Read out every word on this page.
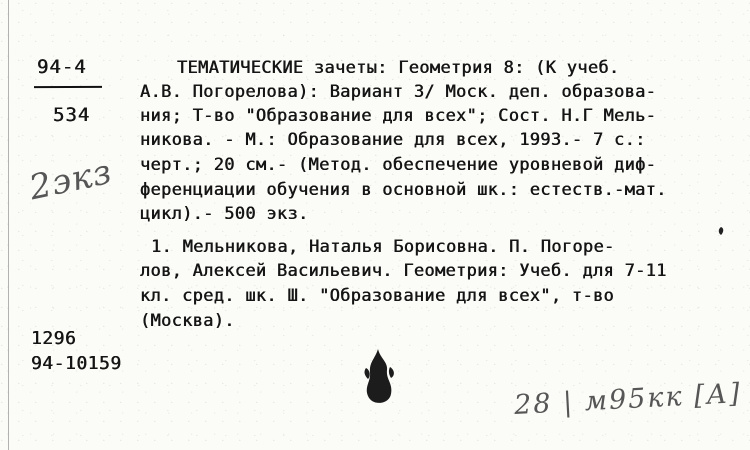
94-4
534
ТЕМАТИЧЕСКИЕ зачеты: Геометрия 8: (К учеб.
А.В. Погорелова): Вариант 3/ Моск. деп. образова-
ния; Т-во "Образование для всех"; Сост. Н.Г Мель-
никова. - М.: Образование для всех, 1993.- 7 с.:
черт.; 20 см.- (Метод. обеспечение уровневой диф-
ференциации обучения в основной шк.: естеств.-мат.
цикл).- 500 экз.
1. Мельникова, Наталья Борисовна. П. Погоре-
лов, Алексей Васильевич. Геометрия: Учеб. для 7-11
кл. сред. шк. Ш. "Образование для всех", т-во
(Москва).
1296
94-10159
2экз
28 | м95кк [А]
